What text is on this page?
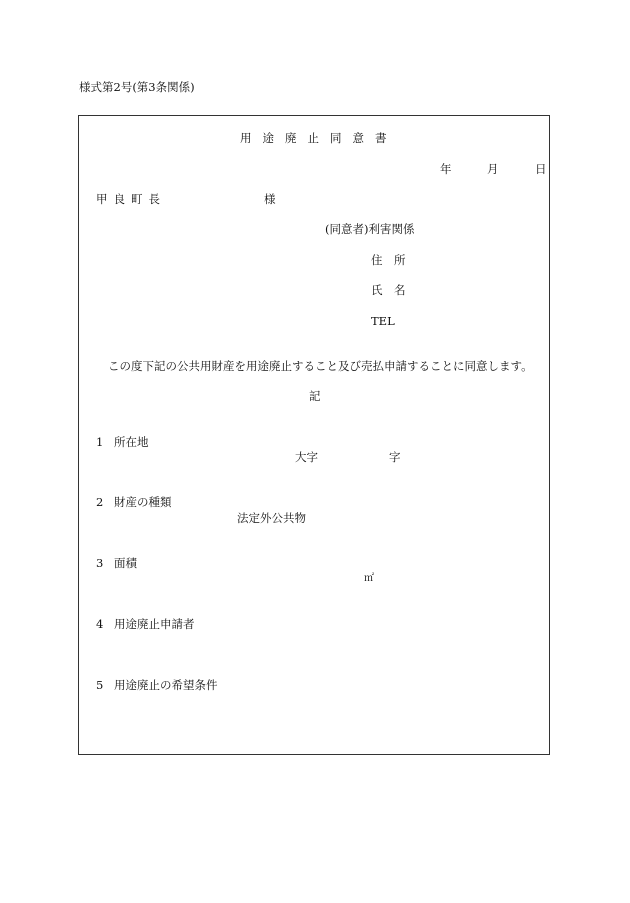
様式第2号(第3条関係)
用途廃止同意書
年	月	日
甲良町長	様
(同意者)利害関係
住　所
氏　名
TEL
この度下記の公共用財産を用途廃止すること及び売払申請することに同意します。
記
1 所在地
大字	字
2 財産の種類
法定外公共物
3 面積
㎡
4 用途廃止申請者
5 用途廃止の希望条件
